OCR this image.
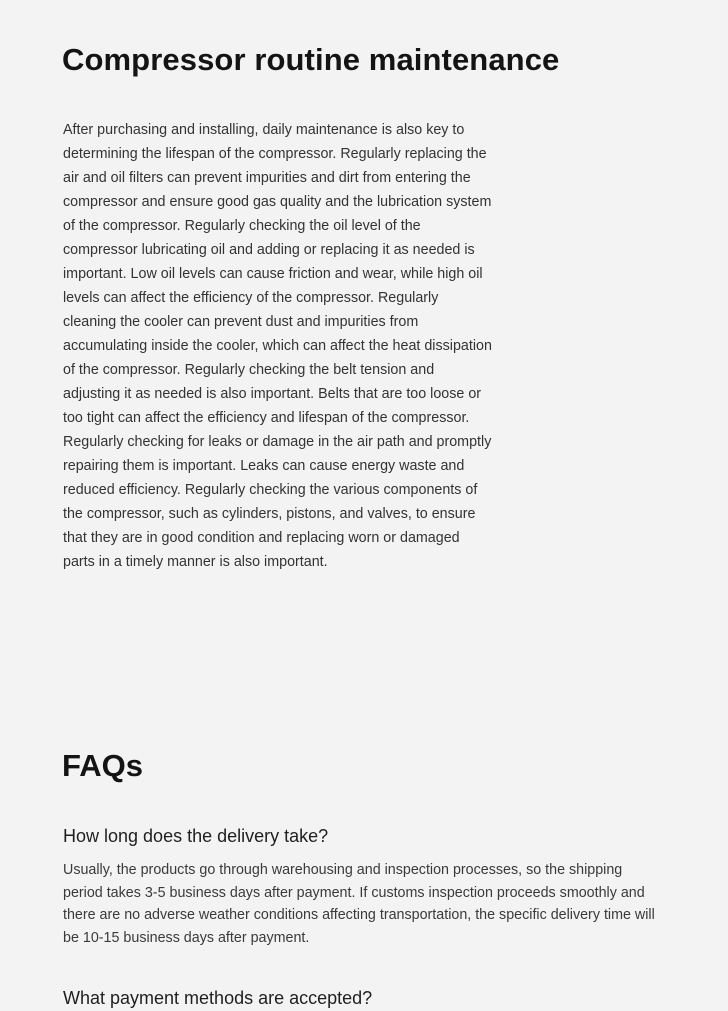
Compressor routine maintenance

After purchasing and installing, daily maintenance is also key to determining the lifespan of the compressor. Regularly replacing the air and oil filters can prevent impurities and dirt from entering the compressor and ensure good gas quality and the lubrication system of the compressor. Regularly checking the oil level of the compressor lubricating oil and adding or replacing it as needed is important. Low oil levels can cause friction and wear, while high oil levels can affect the efficiency of the compressor. Regularly cleaning the cooler can prevent dust and impurities from accumulating inside the cooler, which can affect the heat dissipation of the compressor. Regularly checking the belt tension and adjusting it as needed is also important. Belts that are too loose or too tight can affect the efficiency and lifespan of the compressor. Regularly checking for leaks or damage in the air path and promptly repairing them is important. Leaks can cause energy waste and reduced efficiency. Regularly checking the various components of the compressor, such as cylinders, pistons, and valves, to ensure that they are in good condition and replacing worn or damaged parts in a timely manner is also important.

FAQs
How long does the delivery take?

Usually, the products go through warehousing and inspection processes, so the shipping period takes 3-5 business days after payment. If customs inspection proceeds smoothly and there are no adverse weather conditions affecting transportation, the specific delivery time will be 10-15 business days after payment.

What payment methods are accepted?
